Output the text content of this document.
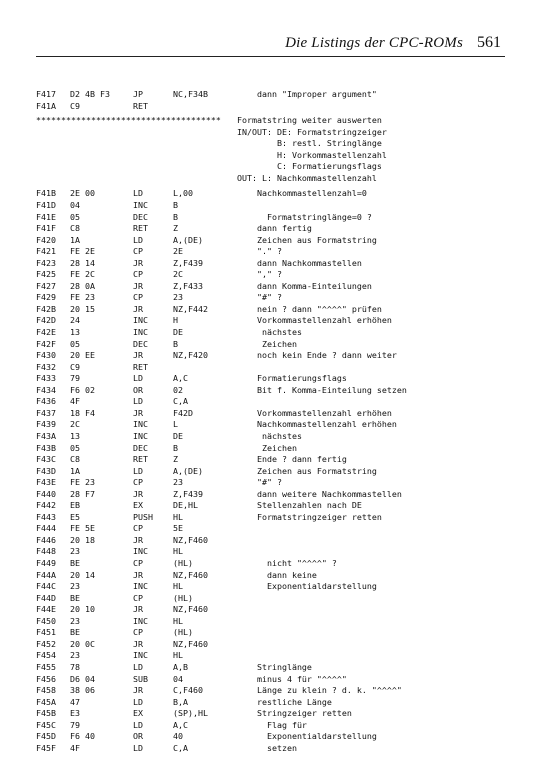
Die Listings der CPC-ROMs 561
F417 D2 4B F3	JP	NC,F34B	dann "Improper argument"
F41A C9	RET
************************************* Formatstring weiter auswerten
IN/OUT: DE: Formatstringzeiger
B: restl. Stringlänge
H: Vorkommastellenzahl
C: Formatierungsflags
OUT: L: Nachkommastellenzahl
F41B 2E 00	LD	L,00	Nachkommastellenzahl=0
F41D 04	INC	B
F41E 05	DEC	B	Formatstringlänge=0 ?
F41F C8	RET	Z	dann fertig
F420 1A	LD	A,(DE)	Zeichen aus Formatstring
F421 FE 2E	CP	2E	"." ?
F423 28 14	JR	Z,F439	dann Nachkommastellen
F425 FE 2C	CP	2C	"," ?
F427 28 0A	JR	Z,F433	dann Komma-Einteilungen
F429 FE 23	CP	23	"#" ?
F42B 20 15	JR	NZ,F442	nein ? dann "^^^^" prüfen
F42D 24	INC	H	Vorkommastellenzahl erhöhen
F42E 13	INC	DE	nächstes
F42F 05	DEC	B	Zeichen
F430 20 EE	JR	NZ,F420	noch kein Ende ? dann weiter
F432 C9	RET
F433 79	LD	A,C	Formatierungsflags
F434 F6 02	OR	02	Bit f. Komma-Einteilung setzen
F436 4F	LD	C,A
F437 18 F4	JR	F42D	Vorkommastellenzahl erhöhen
F439 2C	INC	L	Nachkommastellenzahl erhöhen
F43A 13	INC	DE	nächstes
F43B 05	DEC	B	Zeichen
F43C C8	RET	Z	Ende ? dann fertig
F43D 1A	LD	A,(DE)	Zeichen aus Formatstring
F43E FE 23	CP	23	"#" ?
F440 28 F7	JR	Z,F439	dann weitere Nachkommastellen
F442 EB	EX	DE,HL	Stellenzahlen nach DE
F443 E5	PUSH HL	Formatstringzeiger retten
F444 FE 5E	CP	5E
F446 20 18	JR	NZ,F460
F448 23	INC	HL
F449 BE	CP	(HL)	nicht "^^^^" ?
F44A 20 14	JR	NZ,F460	dann keine
F44C 23	INC	HL	Exponentialdarstellung
F44D BE	CP	(HL)
F44E 20 10	JR	NZ,F460
F450 23	INC	HL
F451 BE	CP	(HL)
F452 20 0C	JR	NZ,F460
F454 23	INC	HL
F455 78	LD	A,B	Stringlänge
F456 D6 04	SUB	04	minus 4 für "^^^^"
F458 38 06	JR	C,F460	Länge zu klein ? d. k. "^^^^"
F45A 47	LD	B,A	restliche Länge
F45B E3	EX	(SP),HL	Stringzeiger retten
F45C 79	LD	A,C	Flag für
F45D F6 40	OR	40	Exponentialdarstellung
F45F 4F	LD	C,A	setzen
